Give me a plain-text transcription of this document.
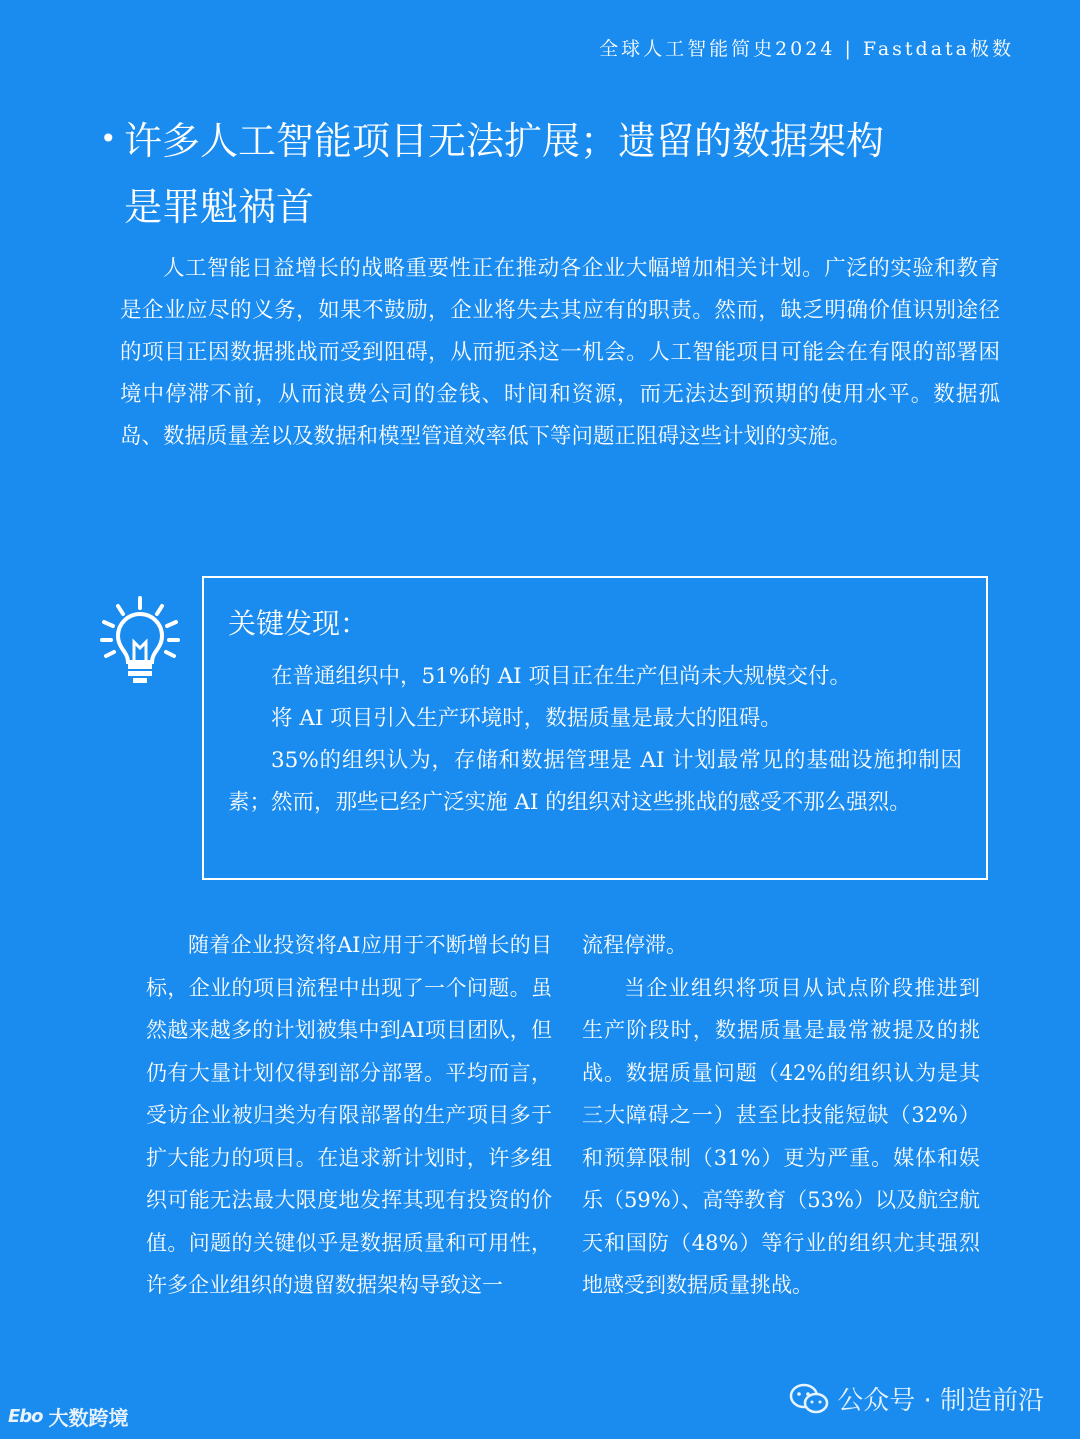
全球人工智能简史2024 | Fastdata极数
• 许多人工智能项目无法扩展；遗留的数据架构
是罪魁祸首

人工智能日益增长的战略重要性正在推动各企业大幅增加相关计划。广泛的实验和教育是企业应尽的义务，如果不鼓励，企业将失去其应有的职责。然而，缺乏明确价值识别途径的项目正因数据挑战而受到阻碍，从而扼杀这一机会。人工智能项目可能会在有限的部署困境中停滞不前，从而浪费公司的金钱、时间和资源，而无法达到预期的使用水平。数据孤岛、数据质量差以及数据和模型管道效率低下等问题正阻碍这些计划的实施。

关键发现：

在普通组织中，51%的 AI 项目正在生产但尚未大规模交付。

将 AI 项目引入生产环境时，数据质量是最大的阻碍。

35%的组织认为，存储和数据管理是 AI 计划最常见的基础设施抑制因素；然而，那些已经广泛实施 AI 的组织对这些挑战的感受不那么强烈。

随着企业投资将AI应用于不断增长的目标，企业的项目流程中出现了一个问题。虽然越来越多的计划被集中到AI项目团队，但仍有大量计划仅得到部分部署。平均而言，受访企业被归类为有限部署的生产项目多于扩大能力的项目。在追求新计划时，许多组织可能无法最大限度地发挥其现有投资的价值。问题的关键似乎是数据质量和可用性，许多企业组织的遗留数据架构导致这一

流程停滞。

当企业组织将项目从试点阶段推进到生产阶段时，数据质量是最常被提及的挑战。数据质量问题（42%的组织认为是其三大障碍之一）甚至比技能短缺（32%）和预算限制（31%）更为严重。媒体和娱乐（59%）、高等教育（53%）以及航空航天和国防（48%）等行业的组织尤其强烈地感受到数据质量挑战。

Ebo 大数跨境
公众号 · 制造前沿
